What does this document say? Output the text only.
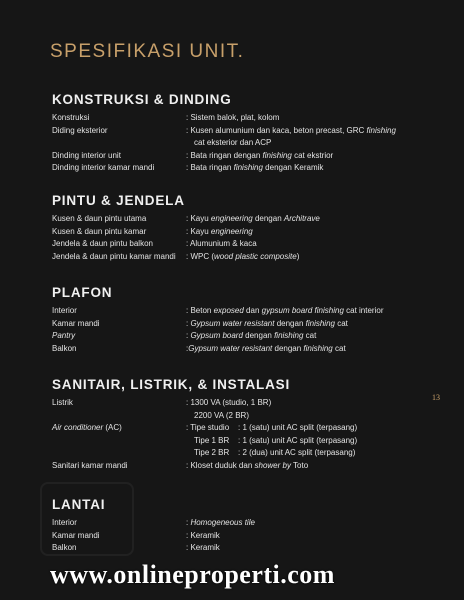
SPESIFIKASI UNIT.
KONSTRUKSI & DINDING
Konstruksi	: Sistem balok, plat, kolom
Diding eksterior	: Kusen alumunium dan kaca, beton precast, GRC finishing
cat eksterior dan ACP
Dinding interior unit	: Bata ringan dengan finishing cat ekstrior
Dinding interior kamar mandi	: Bata ringan finishing dengan Keramik
PINTU & JENDELA
Kusen & daun pintu utama	: Kayu engineering dengan Architrave
Kusen & daun pintu kamar	: Kayu engineering
Jendela & daun pintu balkon	: Alumunium & kaca
Jendela & daun pintu kamar mandi : WPC (wood plastic composite)
PLAFON
Interior	: Beton exposed dan gypsum board finishing cat interior
Kamar mandi	: Gypsum water resistant dengan finishing cat
Pantry	: Gypsum board dengan finishing cat
Balkon	:Gypsum water resistant dengan finishing cat
SANITAIR, LISTRIK, & INSTALASI
Listrik	: 1300 VA (studio, 1 BR)
2200 VA (2 BR)
Air conditioner (AC)	: Tipe studio : 1 (satu) unit AC split (terpasang)
Tipe 1 BR : 1 (satu) unit AC split (terpasang)
Tipe 2 BR : 2 (dua) unit AC split (terpasang)
Sanitari kamar mandi	: Kloset duduk dan shower by Toto
LANTAI
Interior	: Homogeneous tile
Kamar mandi	: Keramik
Balkon	: Keramik
13
www.onlineproperti.com
